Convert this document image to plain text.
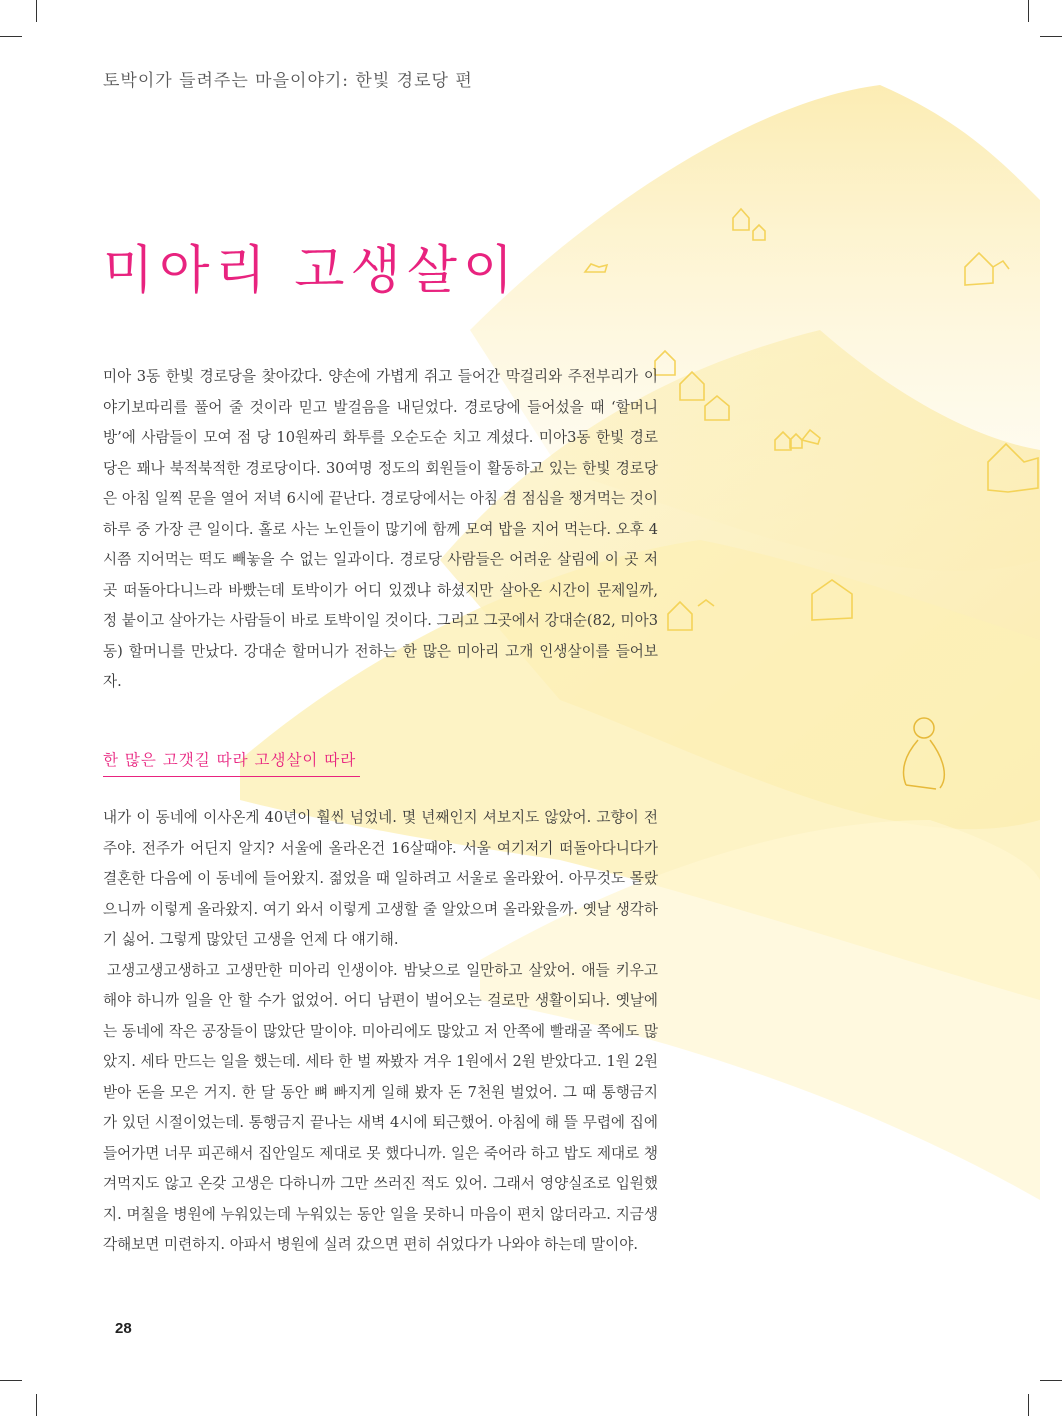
토박이가 들려주는 마을이야기: 한빛 경로당 편
미아리 고생살이

미아 3동 한빛 경로당을 찾아갔다. 양손에 가볍게 쥐고 들어간 막걸리와 주전부리가 이야기보따리를 풀어 줄 것이라 믿고 발걸음을 내딛었다. 경로당에 들어섰을 때 ‘할머니 방’에 사람들이 모여 점 당 10원짜리 화투를 오순도순 치고 계셨다. 미아3동 한빛 경로당은 꽤나 북적북적한 경로당이다. 30여명 정도의 회원들이 활동하고 있는 한빛 경로당은 아침 일찍 문을 열어 저녁 6시에 끝난다. 경로당에서는 아침 겸 점심을 챙겨먹는 것이 하루 중 가장 큰 일이다. 홀로 사는 노인들이 많기에 함께 모여 밥을 지어 먹는다. 오후 4시쯤 지어먹는 떡도 빼놓을 수 없는 일과이다. 경로당 사람들은 어려운 살림에 이 곳 저 곳 떠돌아다니느라 바빴는데 토박이가 어디 있겠냐 하셨지만 살아온 시간이 문제일까, 정 붙이고 살아가는 사람들이 바로 토박이일 것이다. 그리고 그곳에서 강대순(82, 미아3동) 할머니를 만났다. 강대순 할머니가 전하는 한 많은 미아리 고개 인생살이를 들어보자.

한 많은 고갯길 따라 고생살이 따라

내가 이 동네에 이사온게 40년이 훨씬 넘었네. 몇 년째인지 셔보지도 않았어. 고향이 전주야. 전주가 어딘지 알지? 서울에 올라온건 16살때야. 서울 여기저기 떠돌아다니다가 결혼한 다음에 이 동네에 들어왔지. 젊었을 때 일하려고 서울로 올라왔어. 아무것도 몰랐으니까 이렇게 올라왔지. 여기 와서 이렇게 고생할 줄 알았으며 올라왔을까. 옛날 생각하기 싫어. 그렇게 많았던 고생을 언제 다 얘기해.

고생고생고생하고 고생만한 미아리 인생이야. 밤낮으로 일만하고 살았어. 애들 키우고 해야 하니까 일을 안 할 수가 없었어. 어디 남편이 벌어오는 걸로만 생활이되나. 옛날에는 동네에 작은 공장들이 많았단 말이야. 미아리에도 많았고 저 안쪽에 빨래골 쪽에도 많았지. 세타 만드는 일을 했는데. 세타 한 벌 짜봤자 겨우 1원에서 2원 받았다고. 1원 2원 받아 돈을 모은 거지. 한 달 동안 뼈 빠지게 일해 봤자 돈 7천원 벌었어. 그 때 통행금지가 있던 시절이었는데. 통행금지 끝나는 새벽 4시에 퇴근했어. 아침에 해 뜰 무렵에 집에 들어가면 너무 피곤해서 집안일도 제대로 못 했다니까. 일은 죽어라 하고 밥도 제대로 챙겨먹지도 않고 온갖 고생은 다하니까 그만 쓰러진 적도 있어. 그래서 영양실조로 입원했지. 며칠을 병원에 누워있는데 누워있는 동안 일을 못하니 마음이 편치 않더라고. 지금생각해보면 미련하지. 아파서 병원에 실려 갔으면 편히 쉬었다가 나와야 하는데 말이야.

28
